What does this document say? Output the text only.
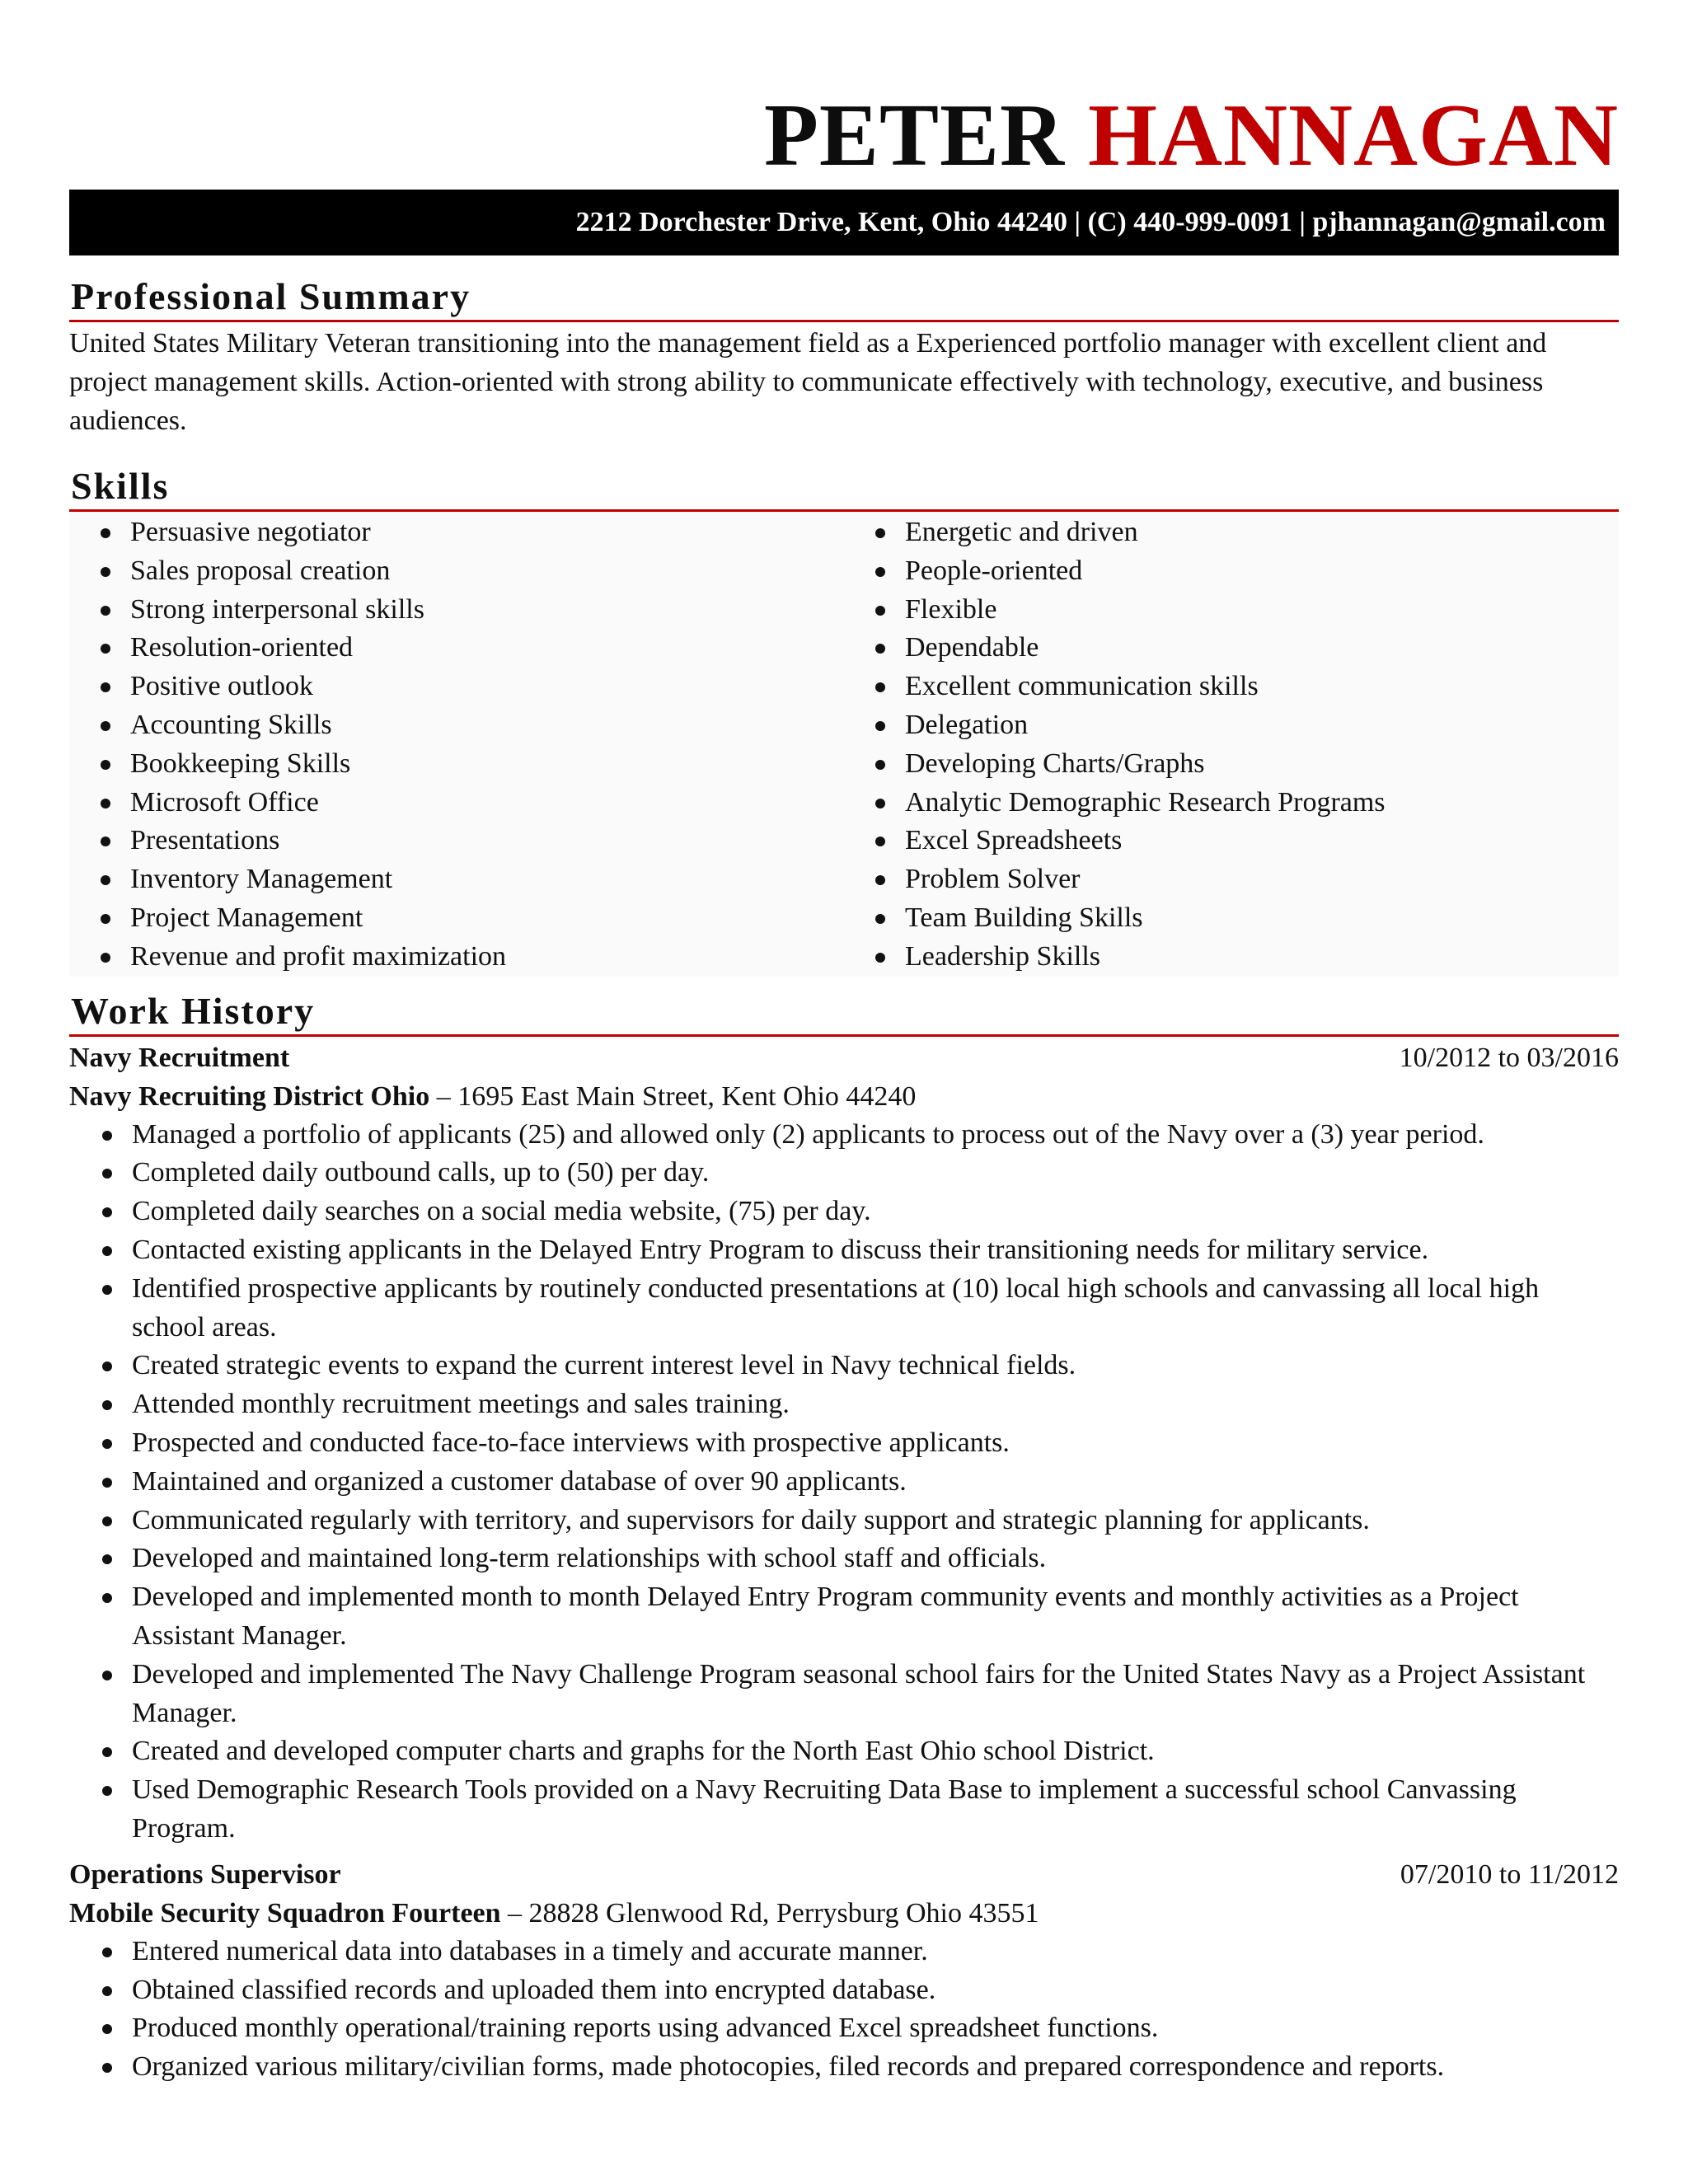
PETER HANNAGAN
2212 Dorchester Drive, Kent, Ohio 44240 | (C) 440-999-0091 | pjhannagan@gmail.com
Professional Summary

United States Military Veteran transitioning into the management field as a Experienced portfolio manager with excellent client and project management skills. Action-oriented with strong ability to communicate effectively with technology, executive, and business audiences.

Skills
Persuasive negotiator
Sales proposal creation
Strong interpersonal skills
Resolution-oriented
Positive outlook
Accounting Skills
Bookkeeping Skills
Microsoft Office
Presentations
Inventory Management
Project Management
Revenue and profit maximization
Energetic and driven
People-oriented
Flexible
Dependable
Excellent communication skills
Delegation
Developing Charts/Graphs
Analytic Demographic Research Programs
Excel Spreadsheets
Problem Solver
Team Building Skills
Leadership Skills
Work History
Navy Recruitment	10/2012 to 03/2016
Navy Recruiting District Ohio – 1695 East Main Street, Kent Ohio 44240
Managed a portfolio of applicants (25) and allowed only (2) applicants to process out of the Navy over a (3) year period.
Completed daily outbound calls, up to (50) per day.
Completed daily searches on a social media website, (75) per day.
Contacted existing applicants in the Delayed Entry Program to discuss their transitioning needs for military service.
Identified prospective applicants by routinely conducted presentations at (10) local high schools and canvassing all local high school areas.
Created strategic events to expand the current interest level in Navy technical fields.
Attended monthly recruitment meetings and sales training.
Prospected and conducted face-to-face interviews with prospective applicants.
Maintained and organized a customer database of over 90 applicants.
Communicated regularly with territory, and supervisors for daily support and strategic planning for applicants.
Developed and maintained long-term relationships with school staff and officials.
Developed and implemented month to month Delayed Entry Program community events and monthly activities as a Project Assistant Manager.
Developed and implemented The Navy Challenge Program seasonal school fairs for the United States Navy as a Project Assistant Manager.
Created and developed computer charts and graphs for the North East Ohio school District.
Used Demographic Research Tools provided on a Navy Recruiting Data Base to implement a successful school Canvassing Program.
Operations Supervisor	07/2010 to 11/2012
Mobile Security Squadron Fourteen – 28828 Glenwood Rd, Perrysburg Ohio 43551
Entered numerical data into databases in a timely and accurate manner.
Obtained classified records and uploaded them into encrypted database.
Produced monthly operational/training reports using advanced Excel spreadsheet functions.
Organized various military/civilian forms, made photocopies, filed records and prepared correspondence and reports.
